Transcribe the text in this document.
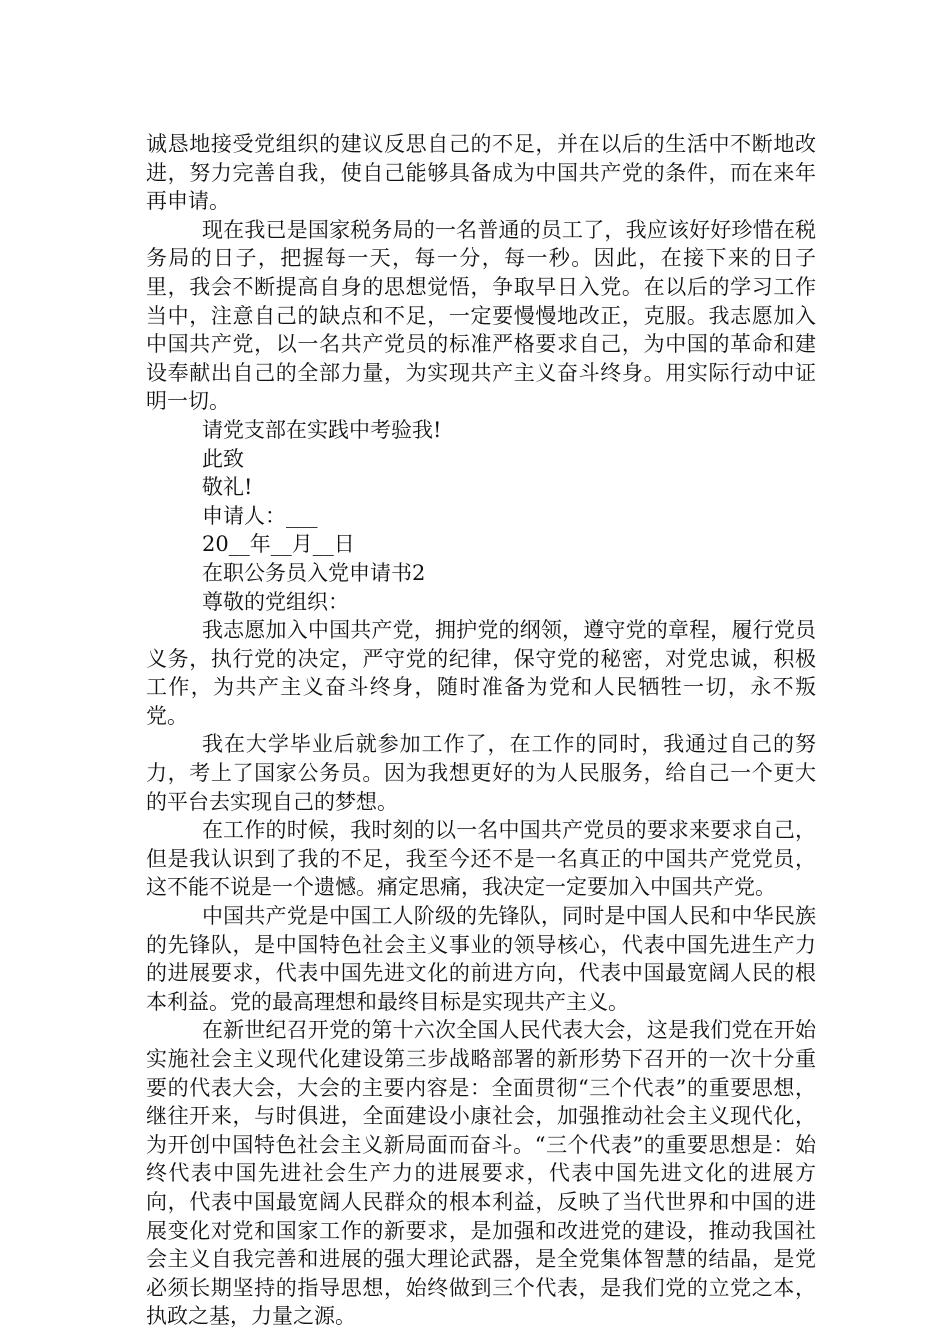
诚恳地接受党组织的建议反思自己的不足，并在以后的生活中不断地改进，努力完善自我，使自己能够具备成为中国共产党的条件，而在来年再申请。

现在我已是国家税务局的一名普通的员工了，我应该好好珍惜在税务局的日子，把握每一天，每一分，每一秒。因此，在接下来的日子里，我会不断提高自身的思想觉悟，争取早日入党。在以后的学习工作当中，注意自己的缺点和不足，一定要慢慢地改正，克服。我志愿加入中国共产党，以一名共产党员的标准严格要求自己，为中国的革命和建设奉献出自己的全部力量，为实现共产主义奋斗终身。用实际行动中证明一切。

请党支部在实践中考验我!

此致

敬礼!

申请人：___

20__年__月__日

在职公务员入党申请书2

尊敬的党组织：

我志愿加入中国共产党，拥护党的纲领，遵守党的章程，履行党员义务，执行党的决定，严守党的纪律，保守党的秘密，对党忠诚，积极工作，为共产主义奋斗终身，随时准备为党和人民牺牲一切，永不叛党。

我在大学毕业后就参加工作了，在工作的同时，我通过自己的努力，考上了国家公务员。因为我想更好的为人民服务，给自己一个更大的平台去实现自己的梦想。

在工作的时候，我时刻的以一名中国共产党员的要求来要求自己，但是我认识到了我的不足，我至今还不是一名真正的中国共产党党员，这不能不说是一个遗憾。痛定思痛，我决定一定要加入中国共产党。

中国共产党是中国工人阶级的先锋队，同时是中国人民和中华民族的先锋队，是中国特色社会主义事业的领导核心，代表中国先进生产力的进展要求，代表中国先进文化的前进方向，代表中国最宽阔人民的根本利益。党的最高理想和最终目标是实现共产主义。

在新世纪召开党的第十六次全国人民代表大会，这是我们党在开始实施社会主义现代化建设第三步战略部署的新形势下召开的一次十分重要的代表大会，大会的主要内容是：全面贯彻“三个代表”的重要思想，继往开来，与时俱进，全面建设小康社会，加强推动社会主义现代化，为开创中国特色社会主义新局面而奋斗。“三个代表”的重要思想是：始终代表中国先进社会生产力的进展要求，代表中国先进文化的进展方向，代表中国最宽阔人民群众的根本利益，反映了当代世界和中国的进展变化对党和国家工作的新要求，是加强和改进党的建设，推动我国社会主义自我完善和进展的强大理论武器，是全党集体智慧的结晶，是党必须长期坚持的指导思想，始终做到三个代表，是我们党的立党之本，执政之基，力量之源。
